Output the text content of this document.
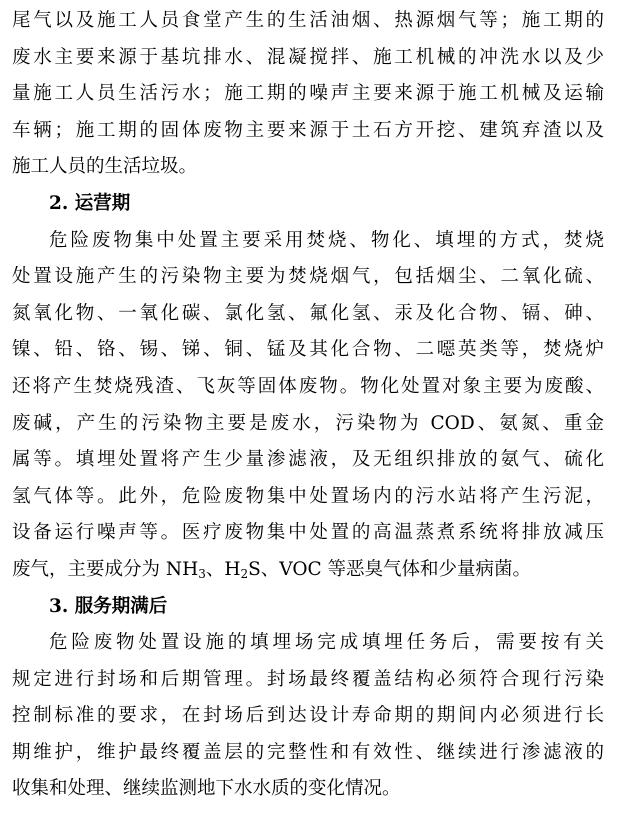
尾气以及施工人员食堂产生的生活油烟、热源烟气等；施工期的
废水主要来源于基坑排水、混凝搅拌、施工机械的冲洗水以及少
量施工人员生活污水；施工期的噪声主要来源于施工机械及运输
车辆；施工期的固体废物主要来源于土石方开挖、建筑弃渣以及
施工人员的生活垃圾。
2. 运营期
危险废物集中处置主要采用焚烧、物化、填埋的方式，焚烧
处置设施产生的污染物主要为焚烧烟气，包括烟尘、二氧化硫、
氮氧化物、一氧化碳、氯化氢、氟化氢、汞及化合物、镉、砷、
镍、铅、铬、锡、锑、铜、锰及其化合物、二噁英类等，焚烧炉
还将产生焚烧残渣、飞灰等固体废物。物化处置对象主要为废酸、
废碱，产生的污染物主要是废水，污染物为 COD、氨氮、重金
属等。填埋处置将产生少量渗滤液，及无组织排放的氨气、硫化
氢气体等。此外，危险废物集中处置场内的污水站将产生污泥，
设备运行噪声等。医疗废物集中处置的高温蒸煮系统将排放减压
废气，主要成分为 $NH_3$、$H_2S$、VOC 等恶臭气体和少量病菌。
3. 服务期满后
危险废物处置设施的填埋场完成填埋任务后，需要按有关
规定进行封场和后期管理。封场最终覆盖结构必须符合现行污染
控制标准的要求，在封场后到达设计寿命期的期间内必须进行长
期维护，维护最终覆盖层的完整性和有效性、继续进行渗滤液的
收集和处理、继续监测地下水水质的变化情况。
